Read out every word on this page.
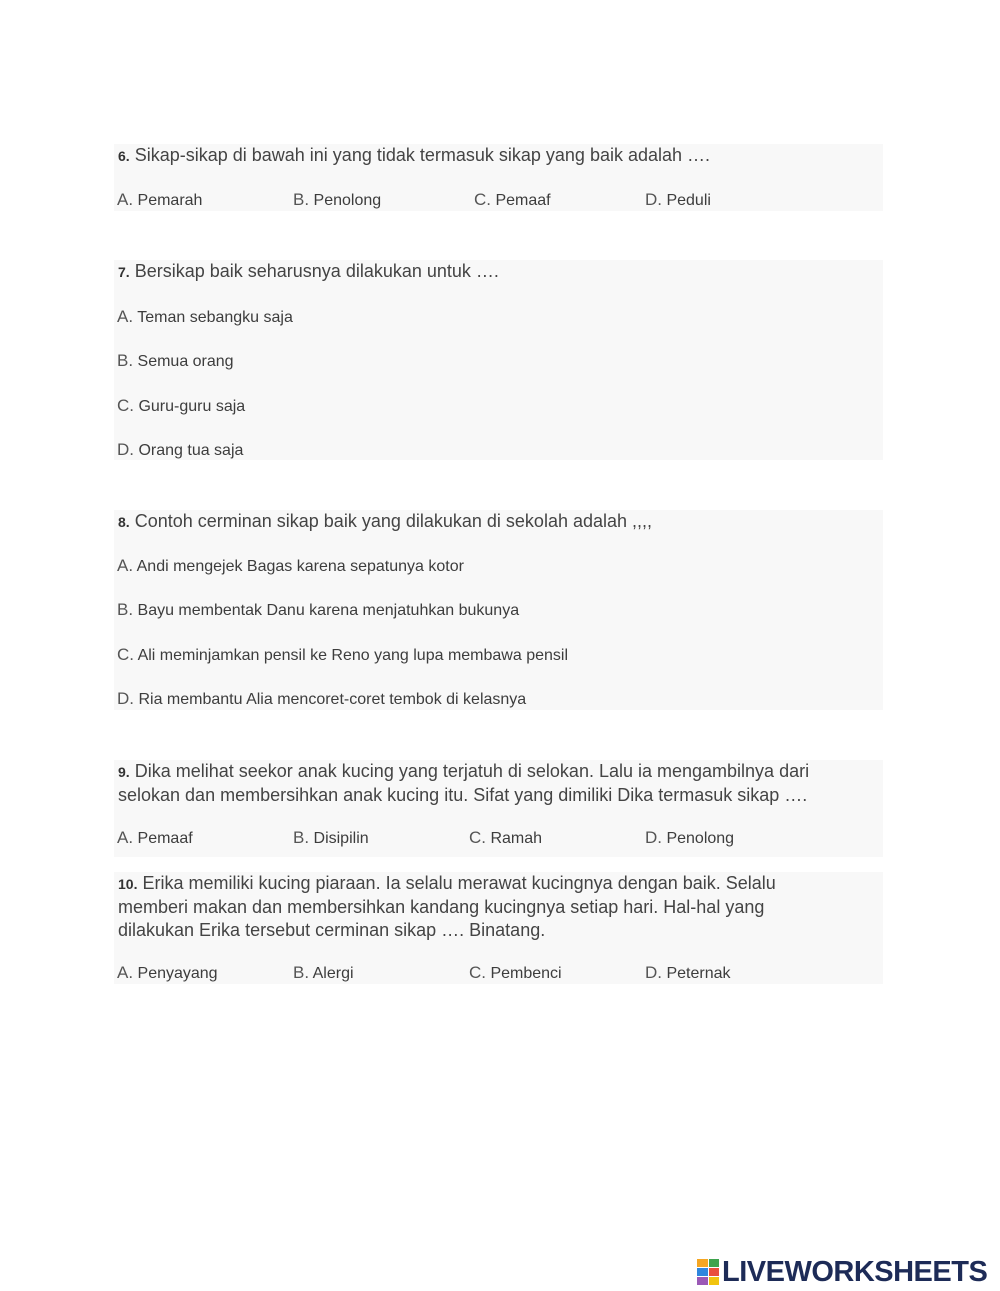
6. Sikap-sikap di bawah ini yang tidak termasuk sikap yang baik adalah ….
A. Pemarah	B. Penolong	C. Pemaaf	D. Peduli
7. Bersikap baik seharusnya dilakukan untuk ….
A. Teman sebangku saja
B. Semua orang
C. Guru-guru saja
D. Orang tua saja
8. Contoh cerminan sikap baik yang dilakukan di sekolah adalah ,,,,
A. Andi mengejek Bagas karena sepatunya kotor
B. Bayu membentak Danu karena menjatuhkan bukunya
C. Ali meminjamkan pensil ke Reno yang lupa membawa pensil
D. Ria membantu Alia mencoret-coret tembok di kelasnya
9. Dika melihat seekor anak kucing yang terjatuh di selokan. Lalu ia mengambilnya dari
selokan dan membersihkan anak kucing itu. Sifat yang dimiliki Dika termasuk sikap ….
A. Pemaaf	B. Disipilin	C. Ramah	D. Penolong
10. Erika memiliki kucing piaraan. Ia selalu merawat kucingnya dengan baik. Selalu
memberi makan dan membersihkan kandang kucingnya setiap hari. Hal-hal yang
dilakukan Erika tersebut cerminan sikap …. Binatang.
A. Penyayang	B. Alergi	C. Pembenci	D. Peternak
LIVEWORKSHEETS
